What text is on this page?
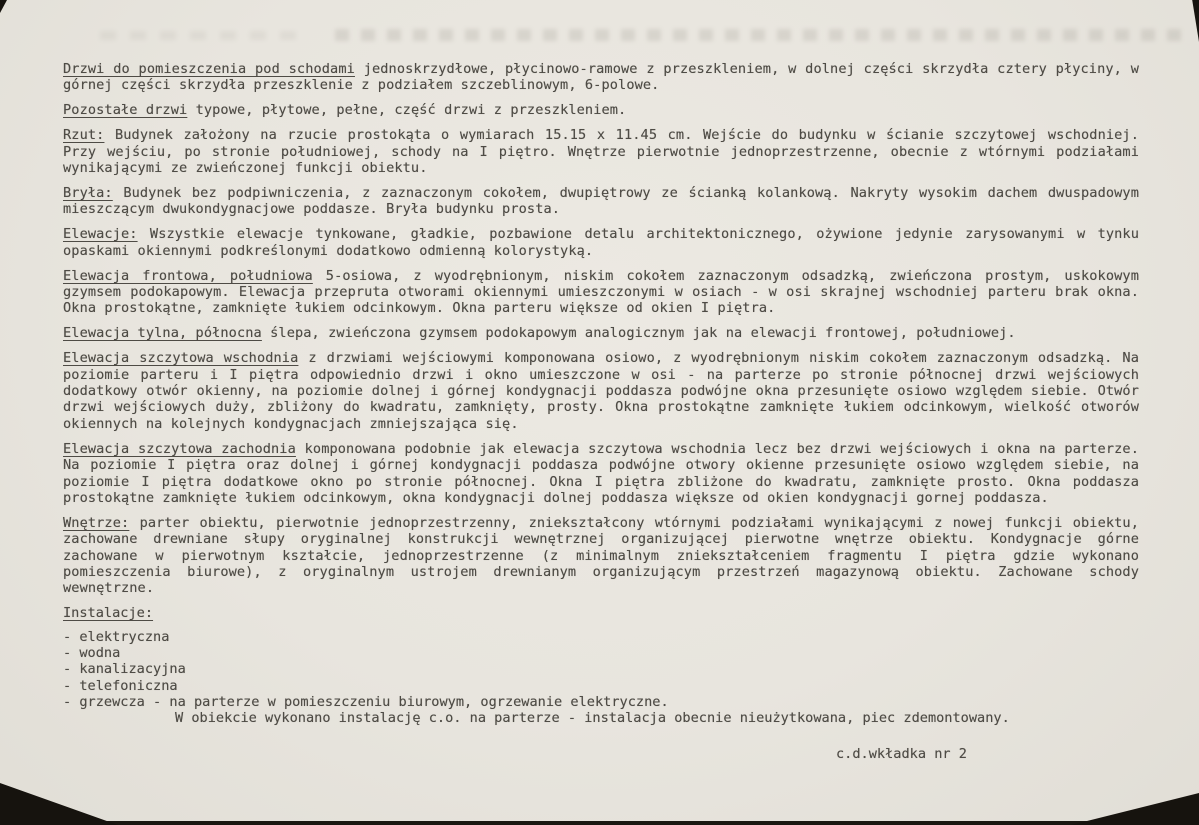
Drzwi do pomieszczenia pod schodami jednoskrzydłowe, płycinowo-ramowe z przeszkleniem, w dolnej części skrzydła cztery płyciny, w górnej części skrzydła przeszklenie z podziałem szczeblinowym, 6-polowe.

Pozostałe drzwi typowe, płytowe, pełne, część drzwi z przeszkleniem.

Rzut: Budynek założony na rzucie prostokąta o wymiarach 15.15 x 11.45 cm. Wejście do budynku w ścianie szczytowej wschodniej. Przy wejściu, po stronie południowej, schody na I piętro. Wnętrze pierwotnie jednoprzestrzenne, obecnie z wtórnymi podziałami wynikającymi ze zwieńczonej funkcji obiektu.

Bryła: Budynek bez podpiwniczenia, z zaznaczonym cokołem, dwupiętrowy ze ścianką kolankową. Nakryty wysokim dachem dwuspadowym mieszczącym dwukondygnacjowe poddasze. Bryła budynku prosta.

Elewacje: Wszystkie elewacje tynkowane, gładkie, pozbawione detalu architektonicznego, ożywione jedynie zarysowanymi w tynku opaskami okiennymi podkreślonymi dodatkowo odmienną kolorystyką.

Elewacja frontowa, południowa 5-osiowa, z wyodrębnionym, niskim cokołem zaznaczonym odsadzką, zwieńczona prostym, uskokowym gzymsem podokapowym. Elewacja przepruta otworami okiennymi umieszczonymi w osiach - w osi skrajnej wschodniej parteru brak okna. Okna prostokątne, zamknięte łukiem odcinkowym. Okna parteru większe od okien I piętra.

Elewacja tylna, północna ślepa, zwieńczona gzymsem podokapowym analogicznym jak na elewacji frontowej, południowej.

Elewacja szczytowa wschodnia z drzwiami wejściowymi komponowana osiowo, z wyodrębnionym niskim cokołem zaznaczonym odsadzką. Na poziomie parteru i I piętra odpowiednio drzwi i okno umieszczone w osi - na parterze po stronie północnej drzwi wejściowych dodatkowy otwór okienny, na poziomie dolnej i górnej kondygnacji poddasza podwójne okna przesunięte osiowo względem siebie. Otwór drzwi wejściowych duży, zbliżony do kwadratu, zamknięty, prosty. Okna prostokątne zamknięte łukiem odcinkowym, wielkość otworów okiennych na kolejnych kondygnacjach zmniejszająca się.

Elewacja szczytowa zachodnia komponowana podobnie jak elewacja szczytowa wschodnia lecz bez drzwi wejściowych i okna na parterze. Na poziomie I piętra oraz dolnej i górnej kondygnacji poddasza podwójne otwory okienne przesunięte osiowo względem siebie, na poziomie I piętra dodatkowe okno po stronie północnej. Okna I piętra zbliżone do kwadratu, zamknięte prosto. Okna poddasza prostokątne zamknięte łukiem odcinkowym, okna kondygnacji dolnej poddasza większe od okien kondygnacji gornej poddasza.

Wnętrze: parter obiektu, pierwotnie jednoprzestrzenny, zniekształcony wtórnymi podziałami wynikającymi z nowej funkcji obiektu, zachowane drewniane słupy oryginalnej konstrukcji wewnętrznej organizującej pierwotne wnętrze obiektu. Kondygnacje górne zachowane w pierwotnym kształcie, jednoprzestrzenne (z minimalnym zniekształceniem fragmentu I piętra gdzie wykonano pomieszczenia biurowe), z oryginalnym ustrojem drewnianym organizującym przestrzeń magazynową obiektu. Zachowane schody wewnętrzne.

Instalacje:
- elektryczna
- wodna
- kanalizacyjna
- telefoniczna
- grzewcza - na parterze w pomieszczeniu biurowym, ogrzewanie elektryczne.
W obiekcie wykonano instalację c.o. na parterze - instalacja obecnie nieużytkowana, piec zdemontowany.
c.d.wkładka nr 2
